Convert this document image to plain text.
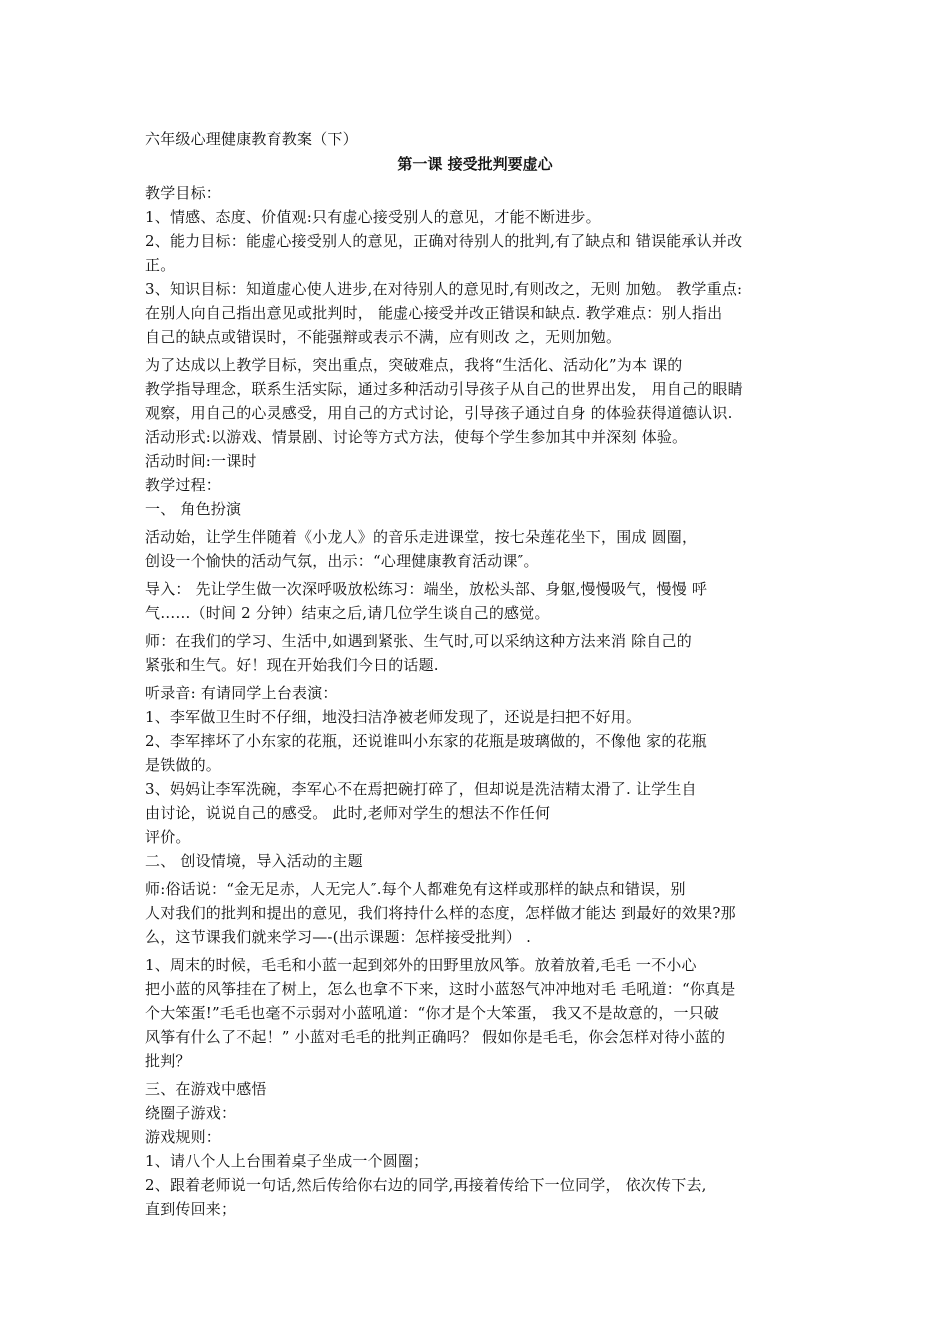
六年级心理健康教育教案（下）
第一课 接受批判要虚心
教学目标：
1、情感、态度、价值观:只有虚心接受别人的意见，才能不断进步。
2、能力目标：能虚心接受别人的意见，正确对待别人的批判,有了缺点和 错误能承认并改
正。
3、知识目标：知道虚心使人进步,在对待别人的意见时,有则改之，无则 加勉。 教学重点:
在别人向自己指出意见或批判时， 能虚心接受并改正错误和缺点. 教学难点：别人指出
自己的缺点或错误时，不能强辩或表示不满，应有则改 之，无则加勉。
为了达成以上教学目标，突出重点，突破难点，我将“生活化、活动化”为本 课的
教学指导理念，联系生活实际，通过多种活动引导孩子从自己的世界出发， 用自己的眼睛
观察，用自己的心灵感受，用自己的方式讨论，引导孩子通过自身 的体验获得道德认识.
活动形式:以游戏、情景剧、讨论等方式方法，使每个学生参加其中并深刻 体验。
活动时间:一课时
教学过程：
一、 角色扮演
活动始，让学生伴随着《小龙人》的音乐走进课堂，按七朵莲花坐下，围成 圆圈，
创设一个愉快的活动气氛，出示：“心理健康教育活动课″。
导入： 先让学生做一次深呼吸放松练习：端坐，放松头部、身躯,慢慢吸气，慢慢 呼
气……（时间 2 分钟）结束之后,请几位学生谈自己的感觉。
师：在我们的学习、生活中,如遇到紧张、生气时,可以采纳这种方法来消 除自己的
紧张和生气。好！现在开始我们今日的话题.
听录音: 有请同学上台表演：
1、李军做卫生时不仔细，地没扫洁净被老师发现了，还说是扫把不好用。
2、李军摔坏了小东家的花瓶，还说谁叫小东家的花瓶是玻璃做的，不像他 家的花瓶
是铁做的。
3、妈妈让李军洗碗，李军心不在焉把碗打碎了，但却说是洗洁精太滑了. 让学生自
由讨论，说说自己的感受。 此时,老师对学生的想法不作任何
评价。
二、 创设情境，导入活动的主题
师:俗话说：“金无足赤，人无完人″.每个人都难免有这样或那样的缺点和错误，别
人对我们的批判和提出的意见，我们将持什么样的态度，怎样做才能达 到最好的效果?那
么，这节课我们就来学习—-(出示课题：怎样接受批判） .
1、周末的时候，毛毛和小蓝一起到郊外的田野里放风筝。放着放着,毛毛 一不小心
把小蓝的风筝挂在了树上，怎么也拿不下来，这时小蓝怒气冲冲地对毛 毛吼道：“你真是
个大笨蛋!”毛毛也毫不示弱对小蓝吼道：“你才是个大笨蛋， 我又不是故意的，一只破
风筝有什么了不起！” 小蓝对毛毛的批判正确吗？ 假如你是毛毛，你会怎样对待小蓝的
批判？
三、在游戏中感悟
绕圈子游戏：
游戏规则：
1、请八个人上台围着桌子坐成一个圆圈；
2、跟着老师说一句话,然后传给你右边的同学,再接着传给下一位同学， 依次传下去,
直到传回来；
